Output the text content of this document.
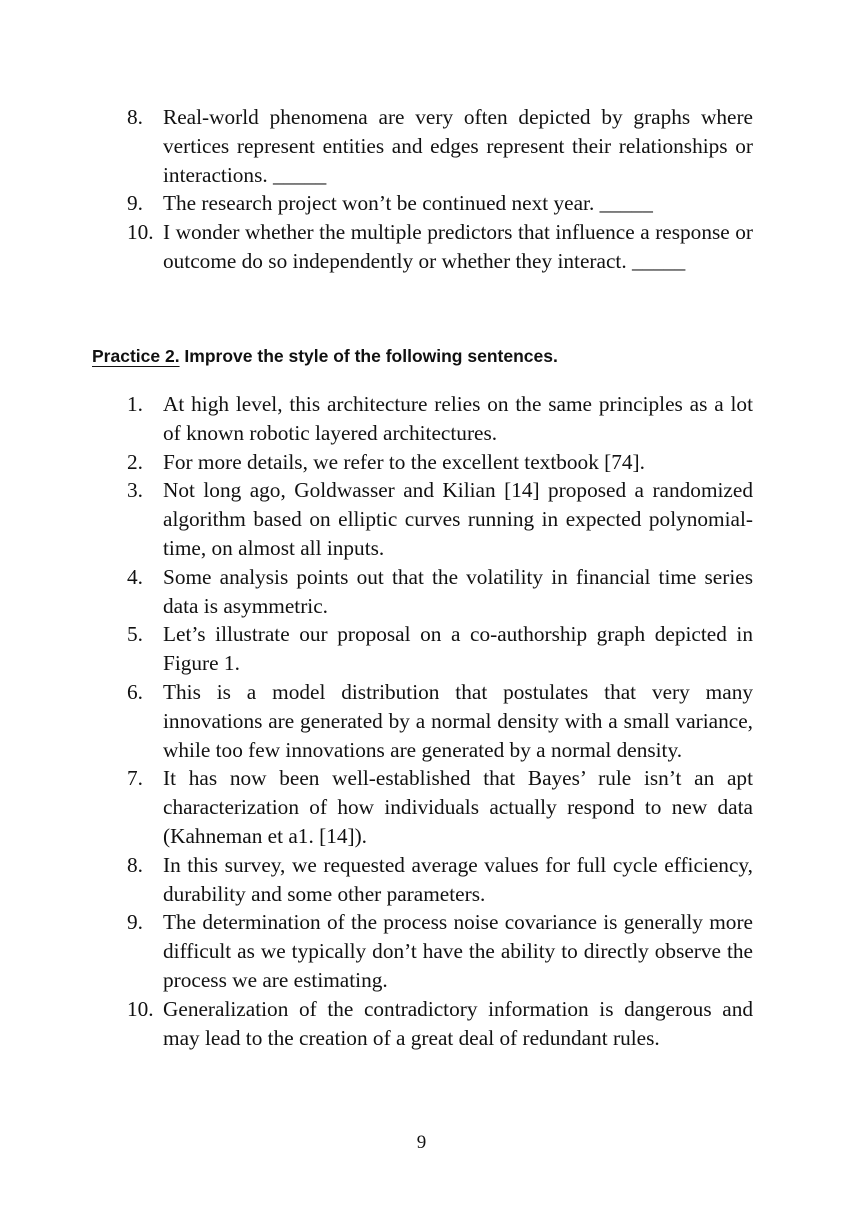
8. Real-world phenomena are very often depicted by graphs where vertices represent entities and edges represent their relationships or interactions. _____
9. The research project won’t be continued next year. _____
10. I wonder whether the multiple predictors that influence a response or outcome do so independently or whether they interact. _____
Practice 2. Improve the style of the following sentences.
1. At high level, this architecture relies on the same principles as a lot of known robotic layered architectures.
2. For more details, we refer to the excellent textbook [74].
3. Not long ago, Goldwasser and Kilian [14] proposed a randomized algorithm based on elliptic curves running in expected polynomial-time, on almost all inputs.
4. Some analysis points out that the volatility in financial time series data is asymmetric.
5. Let’s illustrate our proposal on a co-authorship graph depicted in Figure 1.
6. This is a model distribution that postulates that very many innovations are generated by a normal density with a small variance, while too few innovations are generated by a normal density.
7. It has now been well-established that Bayes’ rule isn’t an apt characterization of how individuals actually respond to new data (Kahneman et a1. [14]).
8. In this survey, we requested average values for full cycle efficiency, durability and some other parameters.
9. The determination of the process noise covariance is generally more difficult as we typically don’t have the ability to directly observe the process we are estimating.
10. Generalization of the contradictory information is dangerous and may lead to the creation of a great deal of redundant rules.
9
